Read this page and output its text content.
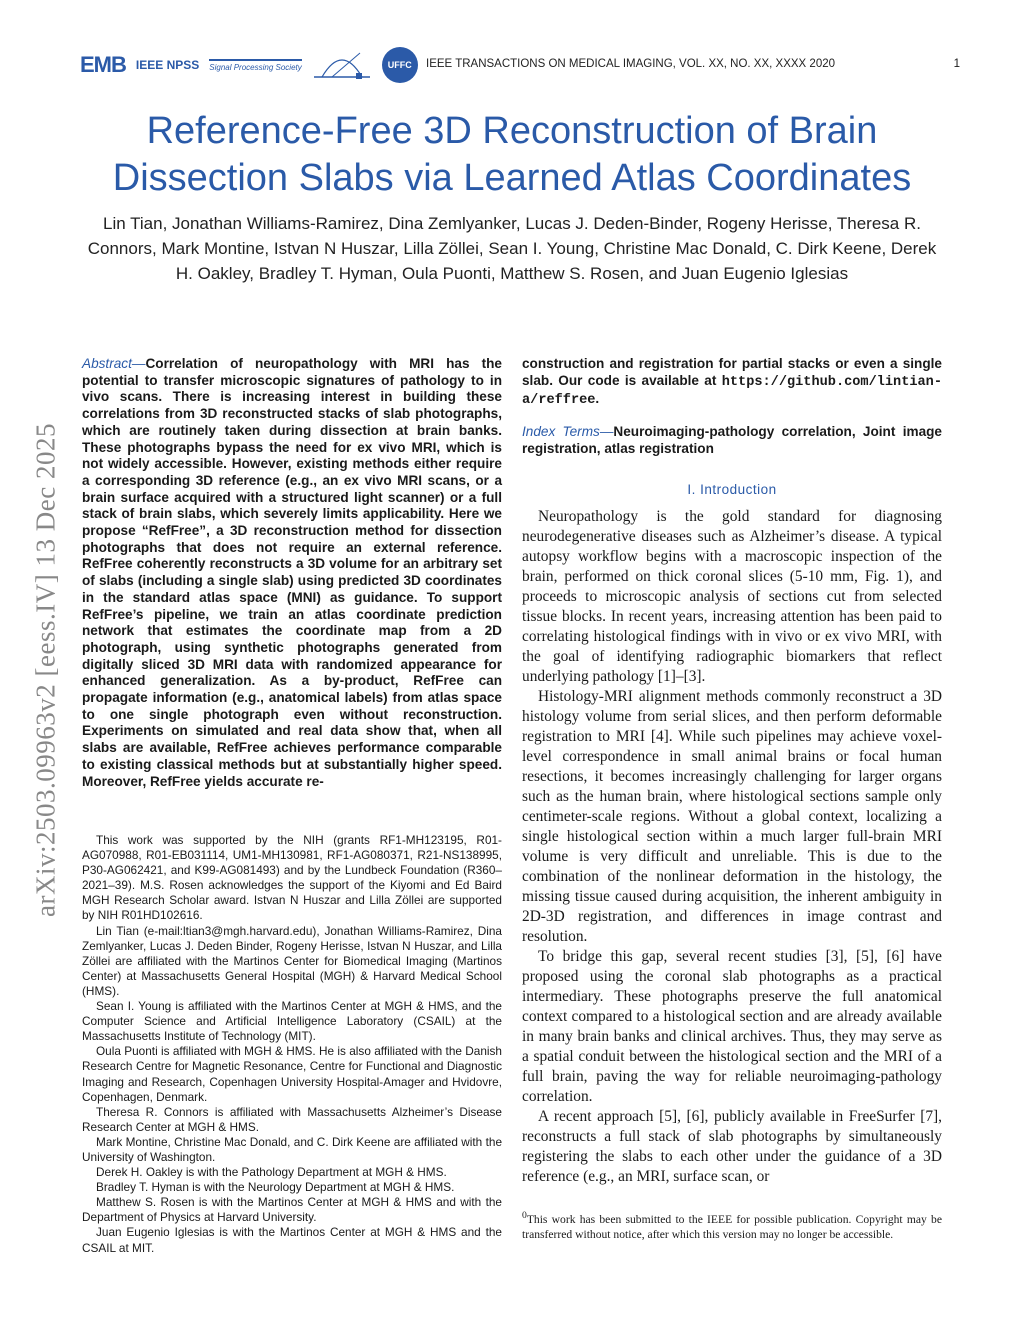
EMB IEEE NPSS Signal Processing Society	UFFC IEEE TRANSACTIONS ON MEDICAL IMAGING, VOL. XX, NO. XX, XXXX 2020	1
Reference-Free 3D Reconstruction of Brain Dissection Slabs via Learned Atlas Coordinates
Lin Tian, Jonathan Williams-Ramirez, Dina Zemlyanker, Lucas J. Deden-Binder, Rogeny Herisse, Theresa R. Connors, Mark Montine, Istvan N Huszar, Lilla Zöllei, Sean I. Young, Christine Mac Donald, C. Dirk Keene, Derek H. Oakley, Bradley T. Hyman, Oula Puonti, Matthew S. Rosen, and Juan Eugenio Iglesias
arXiv:2503.09963v2 [eess.IV] 13 Dec 2025
Abstract—Correlation of neuropathology with MRI has the potential to transfer microscopic signatures of pathology to in vivo scans. There is increasing interest in building these correlations from 3D reconstructed stacks of slab photographs, which are routinely taken during dissection at brain banks. These photographs bypass the need for ex vivo MRI, which is not widely accessible. However, existing methods either require a corresponding 3D reference (e.g., an ex vivo MRI scans, or a brain surface acquired with a structured light scanner) or a full stack of brain slabs, which severely limits applicability. Here we propose “RefFree”, a 3D reconstruction method for dissection photographs that does not require an external reference. RefFree coherently reconstructs a 3D volume for an arbitrary set of slabs (including a single slab) using predicted 3D coordinates in the standard atlas space (MNI) as guidance. To support RefFree’s pipeline, we train an atlas coordinate prediction network that estimates the coordinate map from a 2D photograph, using synthetic photographs generated from digitally sliced 3D MRI data with randomized appearance for enhanced generalization. As a by-product, RefFree can propagate information (e.g., anatomical labels) from atlas space to one single photograph even without reconstruction. Experiments on simulated and real data show that, when all slabs are available, RefFree achieves performance comparable to existing classical methods but at substantially higher speed. Moreover, RefFree yields accurate re-

This work was supported by the NIH (grants RF1-MH123195, R01-AG070988, R01-EB031114, UM1-MH130981, RF1-AG080371, R21-NS138995, P30-AG062421, and K99-AG081493) and by the Lundbeck Foundation (R360–2021–39). M.S. Rosen acknowledges the support of the Kiyomi and Ed Baird MGH Research Scholar award. Istvan N Huszar and Lilla Zöllei are supported by NIH R01HD102616.

Lin Tian (e-mail:ltian3@mgh.harvard.edu), Jonathan Williams-Ramirez, Dina Zemlyanker, Lucas J. Deden Binder, Rogeny Herisse, Istvan N Huszar, and Lilla Zöllei are affiliated with the Martinos Center for Biomedical Imaging (Martinos Center) at Massachusetts General Hospital (MGH) & Harvard Medical School (HMS).

Sean I. Young is affiliated with the Martinos Center at MGH & HMS, and the Computer Science and Artificial Intelligence Laboratory (CSAIL) at the Massachusetts Institute of Technology (MIT).

Oula Puonti is affiliated with MGH & HMS. He is also affiliated with the Danish Research Centre for Magnetic Resonance, Centre for Functional and Diagnostic Imaging and Research, Copenhagen University Hospital-Amager and Hvidovre, Copenhagen, Denmark.

Theresa R. Connors is affiliated with Massachusetts Alzheimer’s Disease Research Center at MGH & HMS.

Mark Montine, Christine Mac Donald, and C. Dirk Keene are affiliated with the University of Washington.

Derek H. Oakley is with the Pathology Department at MGH & HMS.

Bradley T. Hyman is with the Neurology Department at MGH & HMS.

Matthew S. Rosen is with the Martinos Center at MGH & HMS and with the Department of Physics at Harvard University.

Juan Eugenio Iglesias is with the Martinos Center at MGH & HMS and the CSAIL at MIT.

construction and registration for partial stacks or even a single slab. Our code is available at https://github.com/lintian-a/reffree.

Index Terms—Neuroimaging-pathology correlation, Joint image registration, atlas registration
I. Introduction

Neuropathology is the gold standard for diagnosing neurodegenerative diseases such as Alzheimer’s disease. A typical autopsy workflow begins with a macroscopic inspection of the brain, performed on thick coronal slices (5-10 mm, Fig. 1), and proceeds to microscopic analysis of sections cut from selected tissue blocks. In recent years, increasing attention has been paid to correlating histological findings with in vivo or ex vivo MRI, with the goal of identifying radiographic biomarkers that reflect underlying pathology [1]–[3].

Histology-MRI alignment methods commonly reconstruct a 3D histology volume from serial slices, and then perform deformable registration to MRI [4]. While such pipelines may achieve voxel-level correspondence in small animal brains or focal human resections, it becomes increasingly challenging for larger organs such as the human brain, where histological sections sample only centimeter-scale regions. Without a global context, localizing a single histological section within a much larger full-brain MRI volume is very difficult and unreliable. This is due to the combination of the nonlinear deformation in the histology, the missing tissue caused during acquisition, the inherent ambiguity in 2D-3D registration, and differences in image contrast and resolution.

To bridge this gap, several recent studies [3], [5], [6] have proposed using the coronal slab photographs as a practical intermediary. These photographs preserve the full anatomical context compared to a histological section and are already available in many brain banks and clinical archives. Thus, they may serve as a spatial conduit between the histological section and the MRI of a full brain, paving the way for reliable neuroimaging-pathology correlation.

A recent approach [5], [6], publicly available in FreeSurfer [7], reconstructs a full stack of slab photographs by simultaneously registering the slabs to each other under the guidance of a 3D reference (e.g., an MRI, surface scan, or

$^0$This work has been submitted to the IEEE for possible publication. Copyright may be transferred without notice, after which this version may no longer be accessible.
